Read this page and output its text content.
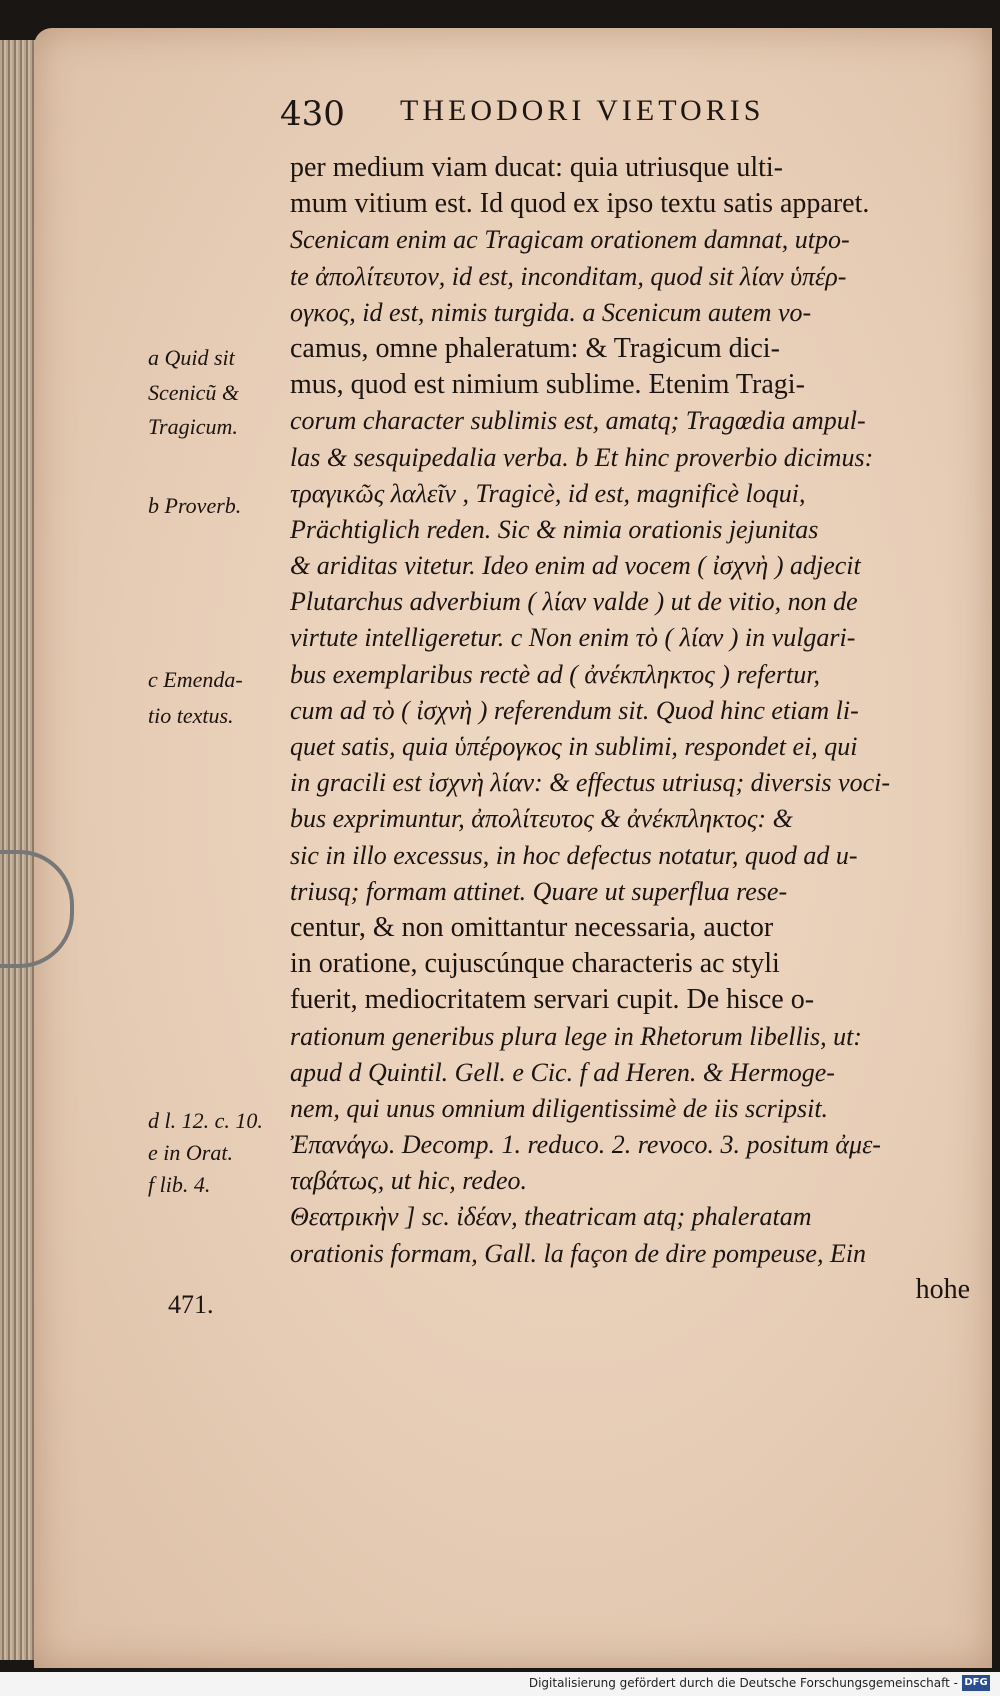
430 THEODORI VIETORIS
per medium viam ducat: quia utriusque ulti-
mum vitium est. Id quod ex ipso textu satis apparet.
Scenicam enim ac Tragicam orationem damnat, utpo-
te ἀπολίτευτον, id est, inconditam, quod sit λίαν ὑπέρ-
ογκος, id est, nimis turgida. a Scenicum autem vo-
camus, omne phaleratum: & Tragicum dici-
mus, quod est nimium sublime. Etenim Tragi-
corum character sublimis est, amatq; Tragœdia ampul-
las & sesquipedalia verba. b Et hinc proverbio dicimus:
τραγικῶς λαλεῖν , Tragicè, id est, magnificè loqui,
Prächtiglich reden. Sic & nimia orationis jejunitas
& ariditas vitetur. Ideo enim ad vocem ( ἰσχνὴ ) adjecit
Plutarchus adverbium ( λίαν valde ) ut de vitio, non de
virtute intelligeretur. c Non enim τὸ ( λίαν ) in vulgari-
bus exemplaribus rectè ad ( ἀνέκπληκτος ) refertur,
cum ad τὸ ( ἰσχνὴ ) referendum sit. Quod hinc etiam li-
quet satis, quia ὑπέρογκος in sublimi, respondet ei, qui
in gracili est ἰσχνὴ λίαν: & effectus utriusq; diversis voci-
bus exprimuntur, ἀπολίτευτος & ἀνέκπληκτος: &
sic in illo excessus, in hoc defectus notatur, quod ad u-
triusq; formam attinet. Quare ut superflua rese-
centur, & non omittantur necessaria, auctor
in oratione, cujuscúnque characteris ac styli
fuerit, mediocritatem servari cupit. De hisce o-
rationum generibus plura lege in Rhetorum libellis, ut:
apud d Quintil. Gell. e Cic. f ad Heren. & Hermoge-
nem, qui unus omnium diligentissimè de iis scripsit.
Ἐπανάγω. Decomp. 1. reduco. 2. revoco. 3. positum ἀμε-
ταβάτως, ut hic, redeo.
Θεατρικὴν ] sc. ἰδέαν, theatricam atq; phaleratam
orationis formam, Gall. la façon de dire pompeuse, Ein
hohe
a Quid sit
Scenicũ &
Tragicum.
b Proverb.
c Emenda-
tio textus.
d l. 12. c. 10.
e in Orat.
f lib. 4.
471.
Digitalisierung gefördert durch die Deutsche Forschungsgemeinschaft - DFG
